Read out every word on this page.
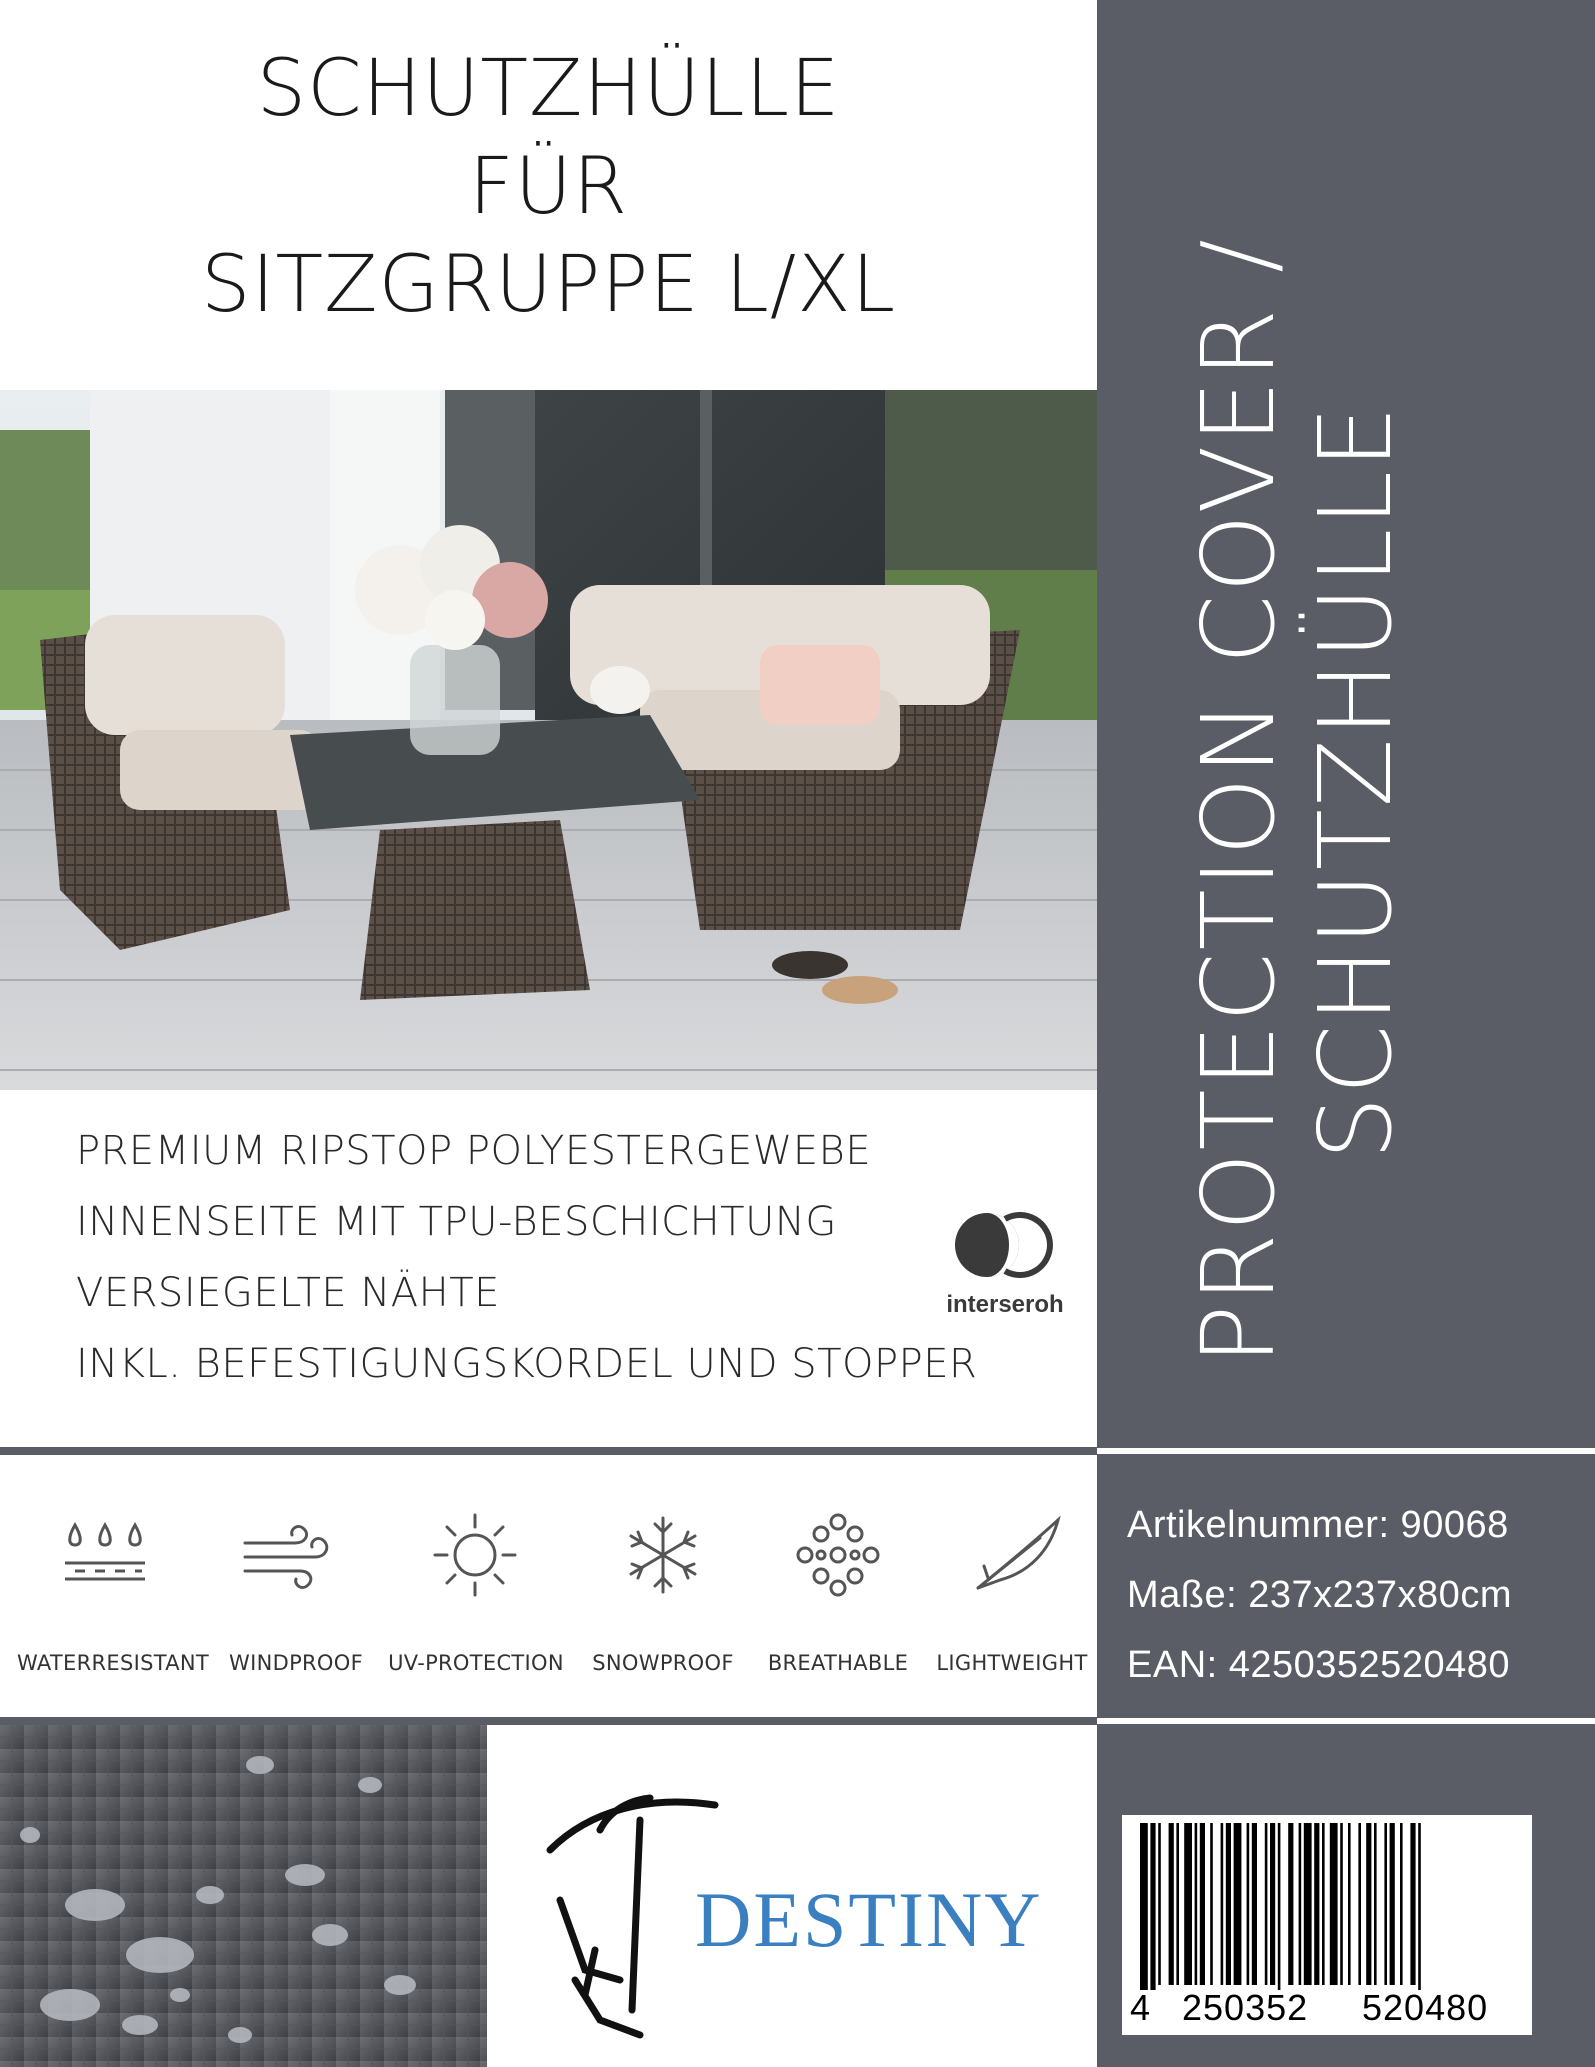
SCHUTZHÜLLE
FÜR
SITZGRUPPE L/XL
PREMIUM RIPSTOP POLYESTERGEWEBE
INNENSEITE MIT TPU-BESCHICHTUNG
VERSIEGELTE NÄHTE
INKL. BEFESTIGUNGSKORDEL UND STOPPER
interseroh
WATERRESISTANT WINDPROOF	UV-PROTECTION	SNOWPROOF	BREATHABLE	LIGHTWEIGHT
DESTINY
PROTECTION COVER / SCHUTZHÜLLE
Artikelnummer: 90068
Maße: 237x237x80cm
EAN: 4250352520480
4 250352 520480
